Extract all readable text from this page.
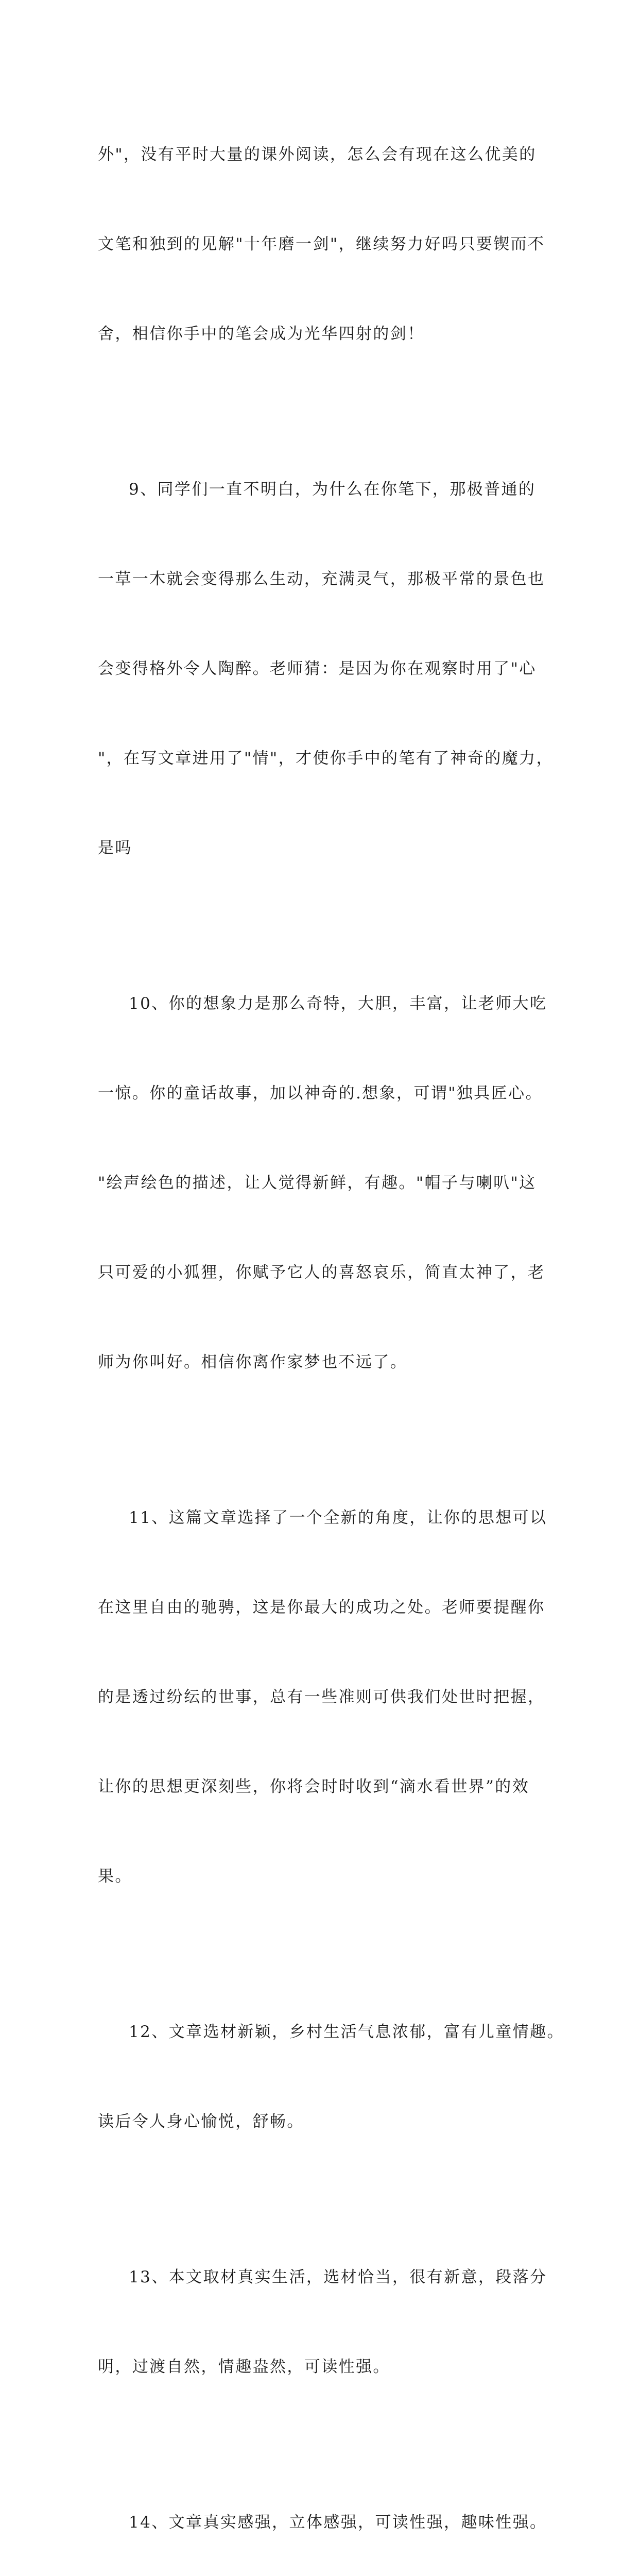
外"，没有平时大量的课外阅读，怎么会有现在这么优美的

文笔和独到的见解"十年磨一剑"，继续努力好吗只要锲而不

舍，相信你手中的笔会成为光华四射的剑！

9、同学们一直不明白，为什么在你笔下，那极普通的

一草一木就会变得那么生动，充满灵气，那极平常的景色也

会变得格外令人陶醉。老师猜：是因为你在观察时用了"心

"，在写文章进用了"情"，才使你手中的笔有了神奇的魔力，

是吗

10、你的想象力是那么奇特，大胆，丰富，让老师大吃

一惊。你的童话故事，加以神奇的.想象，可谓"独具匠心。

"绘声绘色的描述，让人觉得新鲜，有趣。"帽子与喇叭"这

只可爱的小狐狸，你赋予它人的喜怒哀乐，简直太神了，老

师为你叫好。相信你离作家梦也不远了。

11、这篇文章选择了一个全新的角度，让你的思想可以

在这里自由的驰骋，这是你最大的成功之处。老师要提醒你

的是透过纷纭的世事，总有一些准则可供我们处世时把握，

让你的思想更深刻些，你将会时时收到“滴水看世界”的效

果。

12、文章选材新颖，乡村生活气息浓郁，富有儿童情趣。

读后令人身心愉悦，舒畅。

13、本文取材真实生活，选材恰当，很有新意，段落分

明，过渡自然，情趣盎然，可读性强。

14、文章真实感强，立体感强，可读性强，趣味性强。
